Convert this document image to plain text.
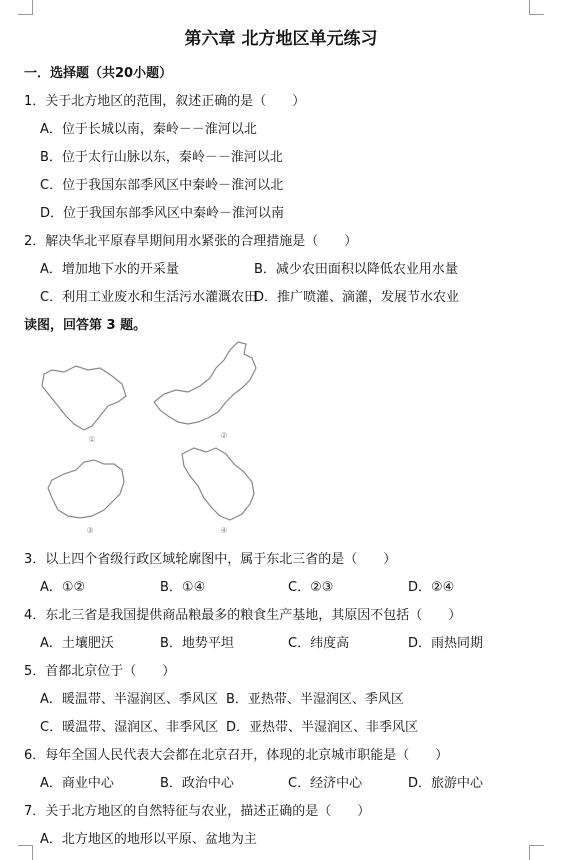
第六章 北方地区单元练习
一．选择题（共20小题）
1．关于北方地区的范围，叙述正确的是（　　）
A．位于长城以南，秦岭－－淮河以北
B．位于太行山脉以东，秦岭－－淮河以北
C．位于我国东部季风区中秦岭－淮河以北
D．位于我国东部季风区中秦岭－淮河以南
2．解决华北平原春旱期间用水紧张的合理措施是（　　）
A．增加地下水的开采量	B．减少农田面积以降低农业用水量
C．利用工业废水和生活污水灌溉农田
D．推广喷灌、滴灌，发展节水农业
读图，回答第 3 题。
①	②
③	④
3．以上四个省级行政区域轮廓图中，属于东北三省的是（　　）
A．①②	B．①④	C．②③	D．②④
4．东北三省是我国提供商品粮最多的粮食生产基地，其原因不包括（　　）
A．土壤肥沃	B．地势平坦	C．纬度高	D．雨热同期
5．首都北京位于（　　）
A．暖温带、半湿润区、季风区 B．亚热带、半湿润区、季风区
C．暖温带、湿润区、非季风区 D．亚热带、半湿润区、非季风区
6．每年全国人民代表大会都在北京召开，体现的北京城市职能是（　　）
A．商业中心	B．政治中心	C．经济中心	D．旅游中心
7．关于北方地区的自然特征与农业，描述正确的是（　　）
A．北方地区的地形以平原、盆地为主
